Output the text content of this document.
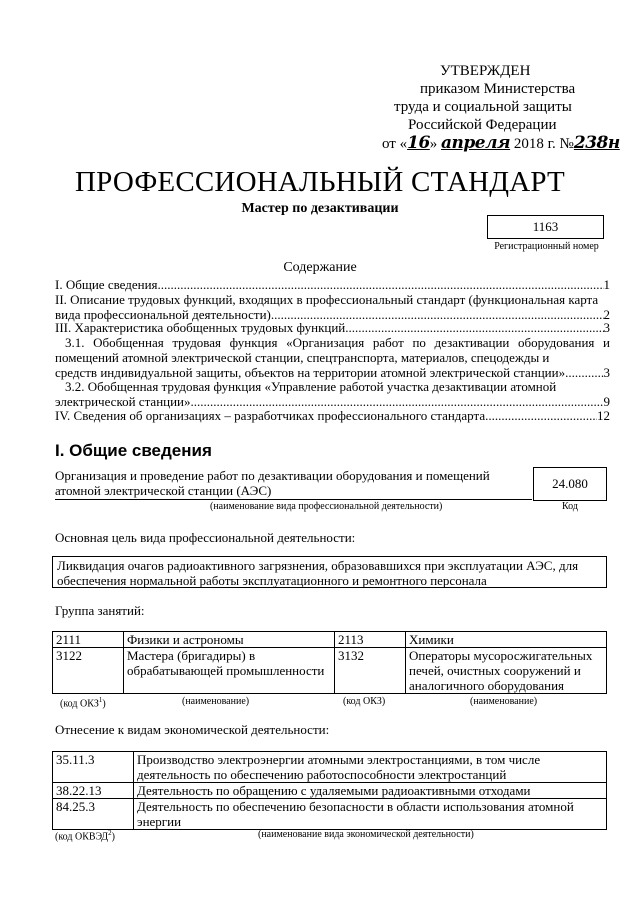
УТВЕРЖДЕН
приказом Министерства
труда и социальной защиты
Российской Федерации
от «16» апреля 2018 г. №238н
ПРОФЕССИОНАЛЬНЫЙ СТАНДАРТ
Мастер по дезактивации
1163
Регистрационный номер
Содержание
I. Общие сведения .....	1
II. Описание трудовых функций, входящих в профессиональный стандарт (функциональная карта
вида профессиональной деятельности) .....	2
III. Характеристика обобщенных трудовых функций .....	3
3.1. Обобщенная трудовая функция «Организация работ по дезактивации оборудования и помещений атомной электрической станции, спецтранспорта, материалов, спецодежды и
средств индивидуальной защиты, объектов на территории атомной электрической станции» .....	3
3.2. Обобщенная трудовая функция «Управление работой участка дезактивации атомной
электрической станции» .....	9
IV. Сведения об организациях – разработчиках профессионального стандарта .....	12
I. Общие сведения
Организация и проведение работ по дезактивации оборудования и помещений атомной электрической станции (АЭС)
(наименование вида профессиональной деятельности)
24.080
Код
Основная цель вида профессиональной деятельности:
Ликвидация очагов радиоактивного загрязнения, образовавшихся при эксплуатации АЭС, для обеспечения нормальной работы эксплуатационного и ремонтного персонала
Группа занятий:
2111	Физики и астрономы	2113	Химики
3122	Мастера (бригадиры) в обрабатывающей промышленности	3132	Операторы мусоросжигательных печей, очистных сооружений и аналогичного оборудования
(код ОКЗ$^1$)	(наименование)	(код ОКЗ)	(наименование)
Отнесение к видам экономической деятельности:
35.11.3	Производство электроэнергии атомными электростанциями, в том числе деятельность по обеспечению работоспособности электростанций
38.22.13	Деятельность по обращению с удаляемыми радиоактивными отходами
84.25.3	Деятельность по обеспечению безопасности в области использования атомной энергии
(код ОКВЭД$^2$)	(наименование вида экономической деятельности)
